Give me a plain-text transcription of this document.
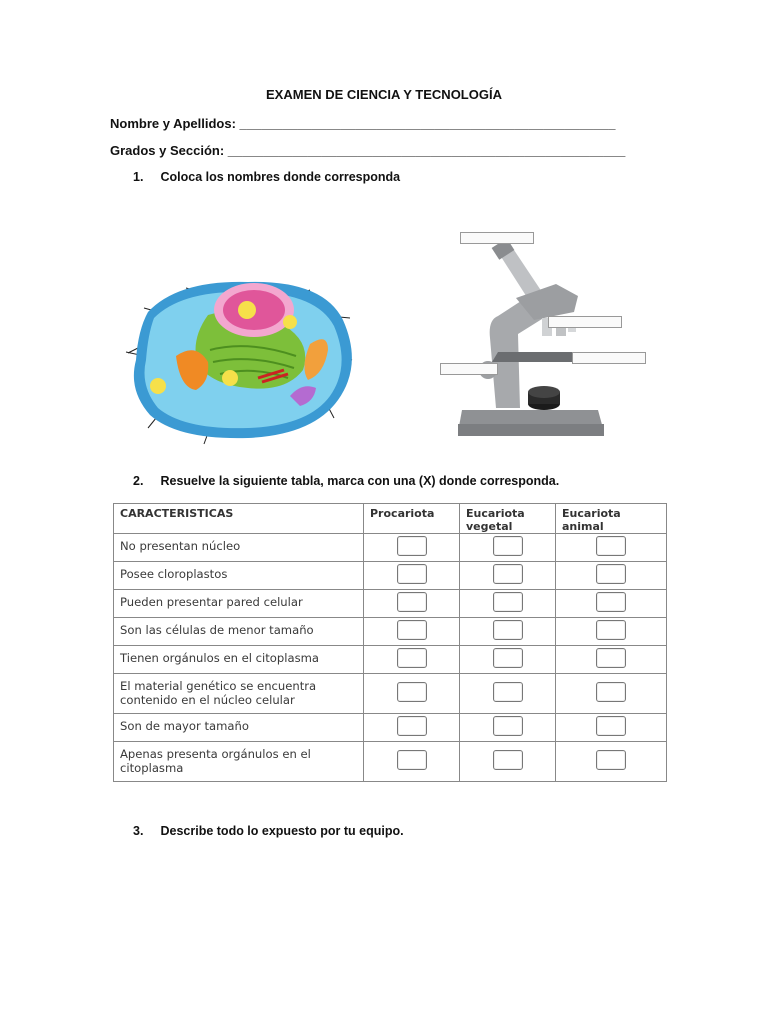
EXAMEN DE CIENCIA Y TECNOLOGÍA
Nombre y Apellidos: ____________________________________________________
Grados y Sección: _______________________________________________________
1. Coloca los nombres donde corresponda
2. Resuelve la siguiente tabla, marca con una (X) donde corresponda.
CARACTERISTICAS	Procariota	Eucariota vegetal	Eucariota animal
No presentan núcleo			
Posee cloroplastos			
Pueden presentar pared celular			
Son las células de menor tamaño			
Tienen orgánulos en el citoplasma			
El material genético se encuentra contenido en el núcleo celular			
Son de mayor tamaño			
Apenas presenta orgánulos en el citoplasma			
3. Describe todo lo expuesto por tu equipo.
